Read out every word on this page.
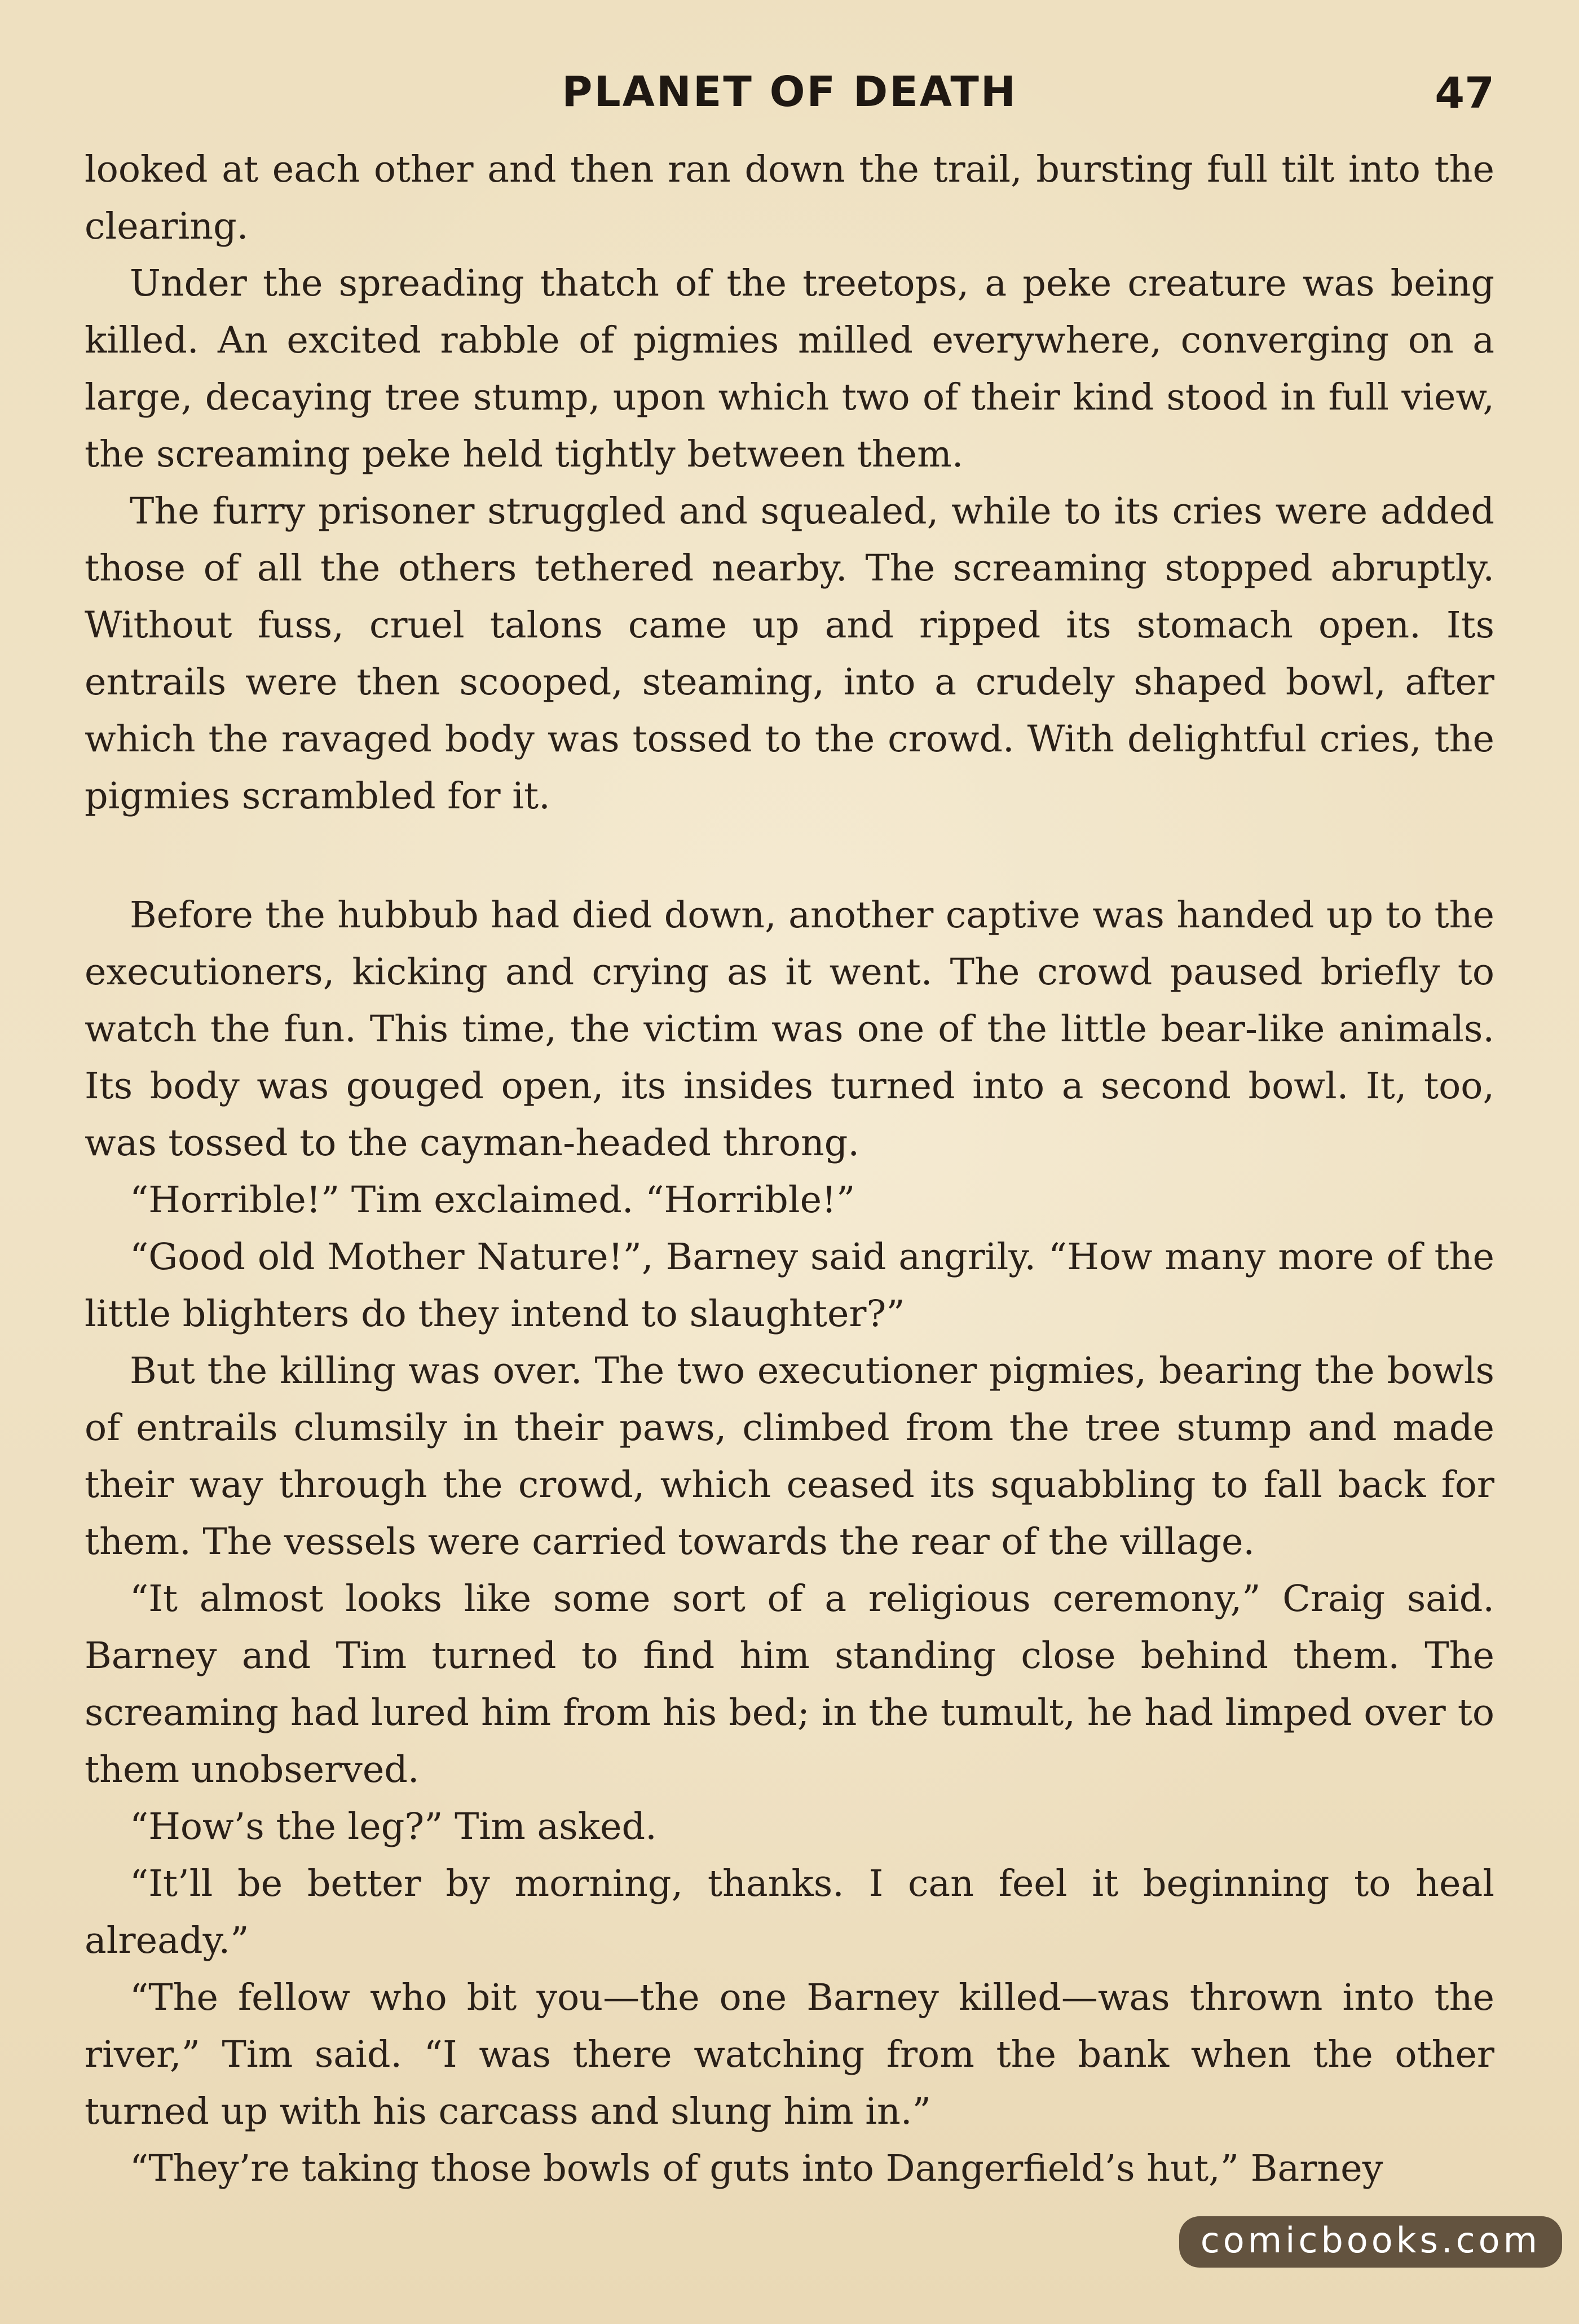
PLANET OF DEATH	47

looked at each other and then ran down the trail, bursting full tilt into the clearing.

Under the spreading thatch of the treetops, a peke creature was being killed. An excited rabble of pigmies milled everywhere, converging on a large, decaying tree stump, upon which two of their kind stood in full view, the screaming peke held tightly between them.

The furry prisoner struggled and squealed, while to its cries were added those of all the others tethered nearby. The screaming stopped abruptly. Without fuss, cruel talons came up and ripped its stomach open. Its entrails were then scooped, steaming, into a crudely shaped bowl, after which the ravaged body was tossed to the crowd. With delightful cries, the pigmies scrambled for it.

Before the hubbub had died down, another captive was handed up to the executioners, kicking and crying as it went. The crowd paused briefly to watch the fun. This time, the victim was one of the little bear-like animals. Its body was gouged open, its insides turned into a second bowl. It, too, was tossed to the cayman-headed throng.

“Horrible!” Tim exclaimed. “Horrible!”

“Good old Mother Nature!”, Barney said angrily. “How many more of the little blighters do they intend to slaughter?”

But the killing was over. The two executioner pigmies, bearing the bowls of entrails clumsily in their paws, climbed from the tree stump and made their way through the crowd, which ceased its squabbling to fall back for them. The vessels were carried towards the rear of the village.

“It almost looks like some sort of a religious ceremony,” Craig said. Barney and Tim turned to find him standing close behind them. The screaming had lured him from his bed; in the tumult, he had limped over to them unobserved.

“How’s the leg?” Tim asked.

“It’ll be better by morning, thanks. I can feel it beginning to heal already.”

“The fellow who bit you—the one Barney killed—was thrown into the river,” Tim said. “I was there watching from the bank when the other turned up with his carcass and slung him in.”

“They’re taking those bowls of guts into Dangerfield’s hut,” Barney

comicbooks.com
